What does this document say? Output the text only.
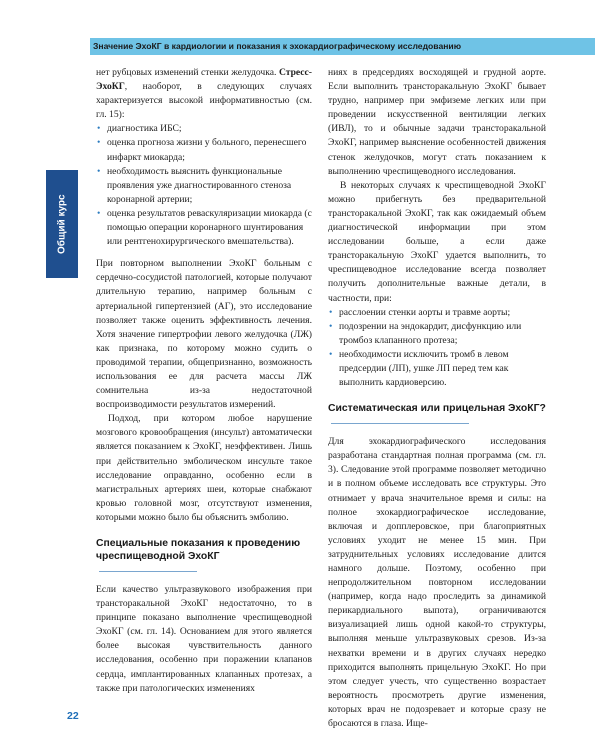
Значение ЭхоКГ в кардиологии и показания к эхокардиографическому исследованию
Общий курс

нет рубцовых изменений стенки желудочка. Стресс-ЭхоКГ, наоборот, в следующих случаях характеризуется высокой информативностью (см. гл. 15):

• диагностика ИБС;
• оценка прогноза жизни у больного, перенесшего инфаркт миокарда;
• необходимость выяснить функциональные проявления уже диагностированного стеноза коронарной артерии;
• оценка результатов реваскуляризации миокарда (с помощью операции коронарного шунтирования или рентгенохирургического вмешательства).

При повторном выполнении ЭхоКГ больным с сердечно-сосудистой патологией, которые получают длительную терапию, например больным с артериальной гипертензией (АГ), это исследование позволяет также оценить эффективность лечения. Хотя значение гипертрофии левого желудочка (ЛЖ) как признака, по которому можно судить о проводимой терапии, общепризнанно, возможность использования ее для расчета массы ЛЖ сомнительна из-за недостаточной воспроизводимости результатов измерений.

Подход, при котором любое нарушение мозгового кровообращения (инсульт) автоматически является показанием к ЭхоКГ, неэффективен. Лишь при действительно эмболическом инсульте такое исследование оправданно, особенно если в магистральных артериях шеи, которые снабжают кровью головной мозг, отсутствуют изменения, которыми можно было бы объяснить эмболию.

Специальные показания к проведению чреспищеводной ЭхоКГ

Если качество ультразвукового изображения при трансторакальной ЭхоКГ недостаточно, то в принципе показано выполнение чреспищеводной ЭхоКГ (см. гл. 14). Основанием для этого является более высокая чувствительность данного исследования, особенно при поражении клапанов сердца, имплантированных клапанных протезах, а также при патологических изменениях

ниях в предсердиях восходящей и грудной аорте. Если выполнить трансторакальную ЭхоКГ бывает трудно, например при эмфиземе легких или при проведении искусственной вентиляции легких (ИВЛ), то и обычные задачи трансторакальной ЭхоКГ, например выяснение особенностей движения стенок желудочков, могут стать показанием к выполнению чреспищеводного исследования.

В некоторых случаях к чреспищеводной ЭхоКГ можно прибегнуть без предварительной трансторакальной ЭхоКГ, так как ожидаемый объем диагностической информации при этом исследовании больше, а если даже трансторакальную ЭхоКГ удается выполнить, то чреспищеводное исследование всегда позволяет получить дополнительные важные детали, в частности, при:

• расслоении стенки аорты и травме аорты;
• подозрении на эндокардит, дисфункцию или тромбоз клапанного протеза;
• необходимости исключить тромб в левом предсердии (ЛП), ушке ЛП перед тем как выполнить кардиоверсию.
Систематическая или прицельная ЭхоКГ?

Для эхокардиографического исследования разработана стандартная полная программа (см. гл. 3). Следование этой программе позволяет методично и в полном объеме исследовать все структуры. Это отнимает у врача значительное время и силы: на полное эхокардиографическое исследование, включая и допплеровское, при благоприятных условиях уходит не менее 15 мин. При затруднительных условиях исследование длится намного дольше. Поэтому, особенно при непродолжительном повторном исследовании (например, когда надо проследить за динамикой перикардиального выпота), ограничиваются визуализацией лишь одной какой-то структуры, выполняя меньше ультразвуковых срезов. Из-за нехватки времени и в других случаях нередко приходится выполнять прицельную ЭхоКГ. Но при этом следует учесть, что существенно возрастает вероятность просмотреть другие изменения, которых врач не подозревает и которые сразу не бросаются в глаза. Ище-

22
